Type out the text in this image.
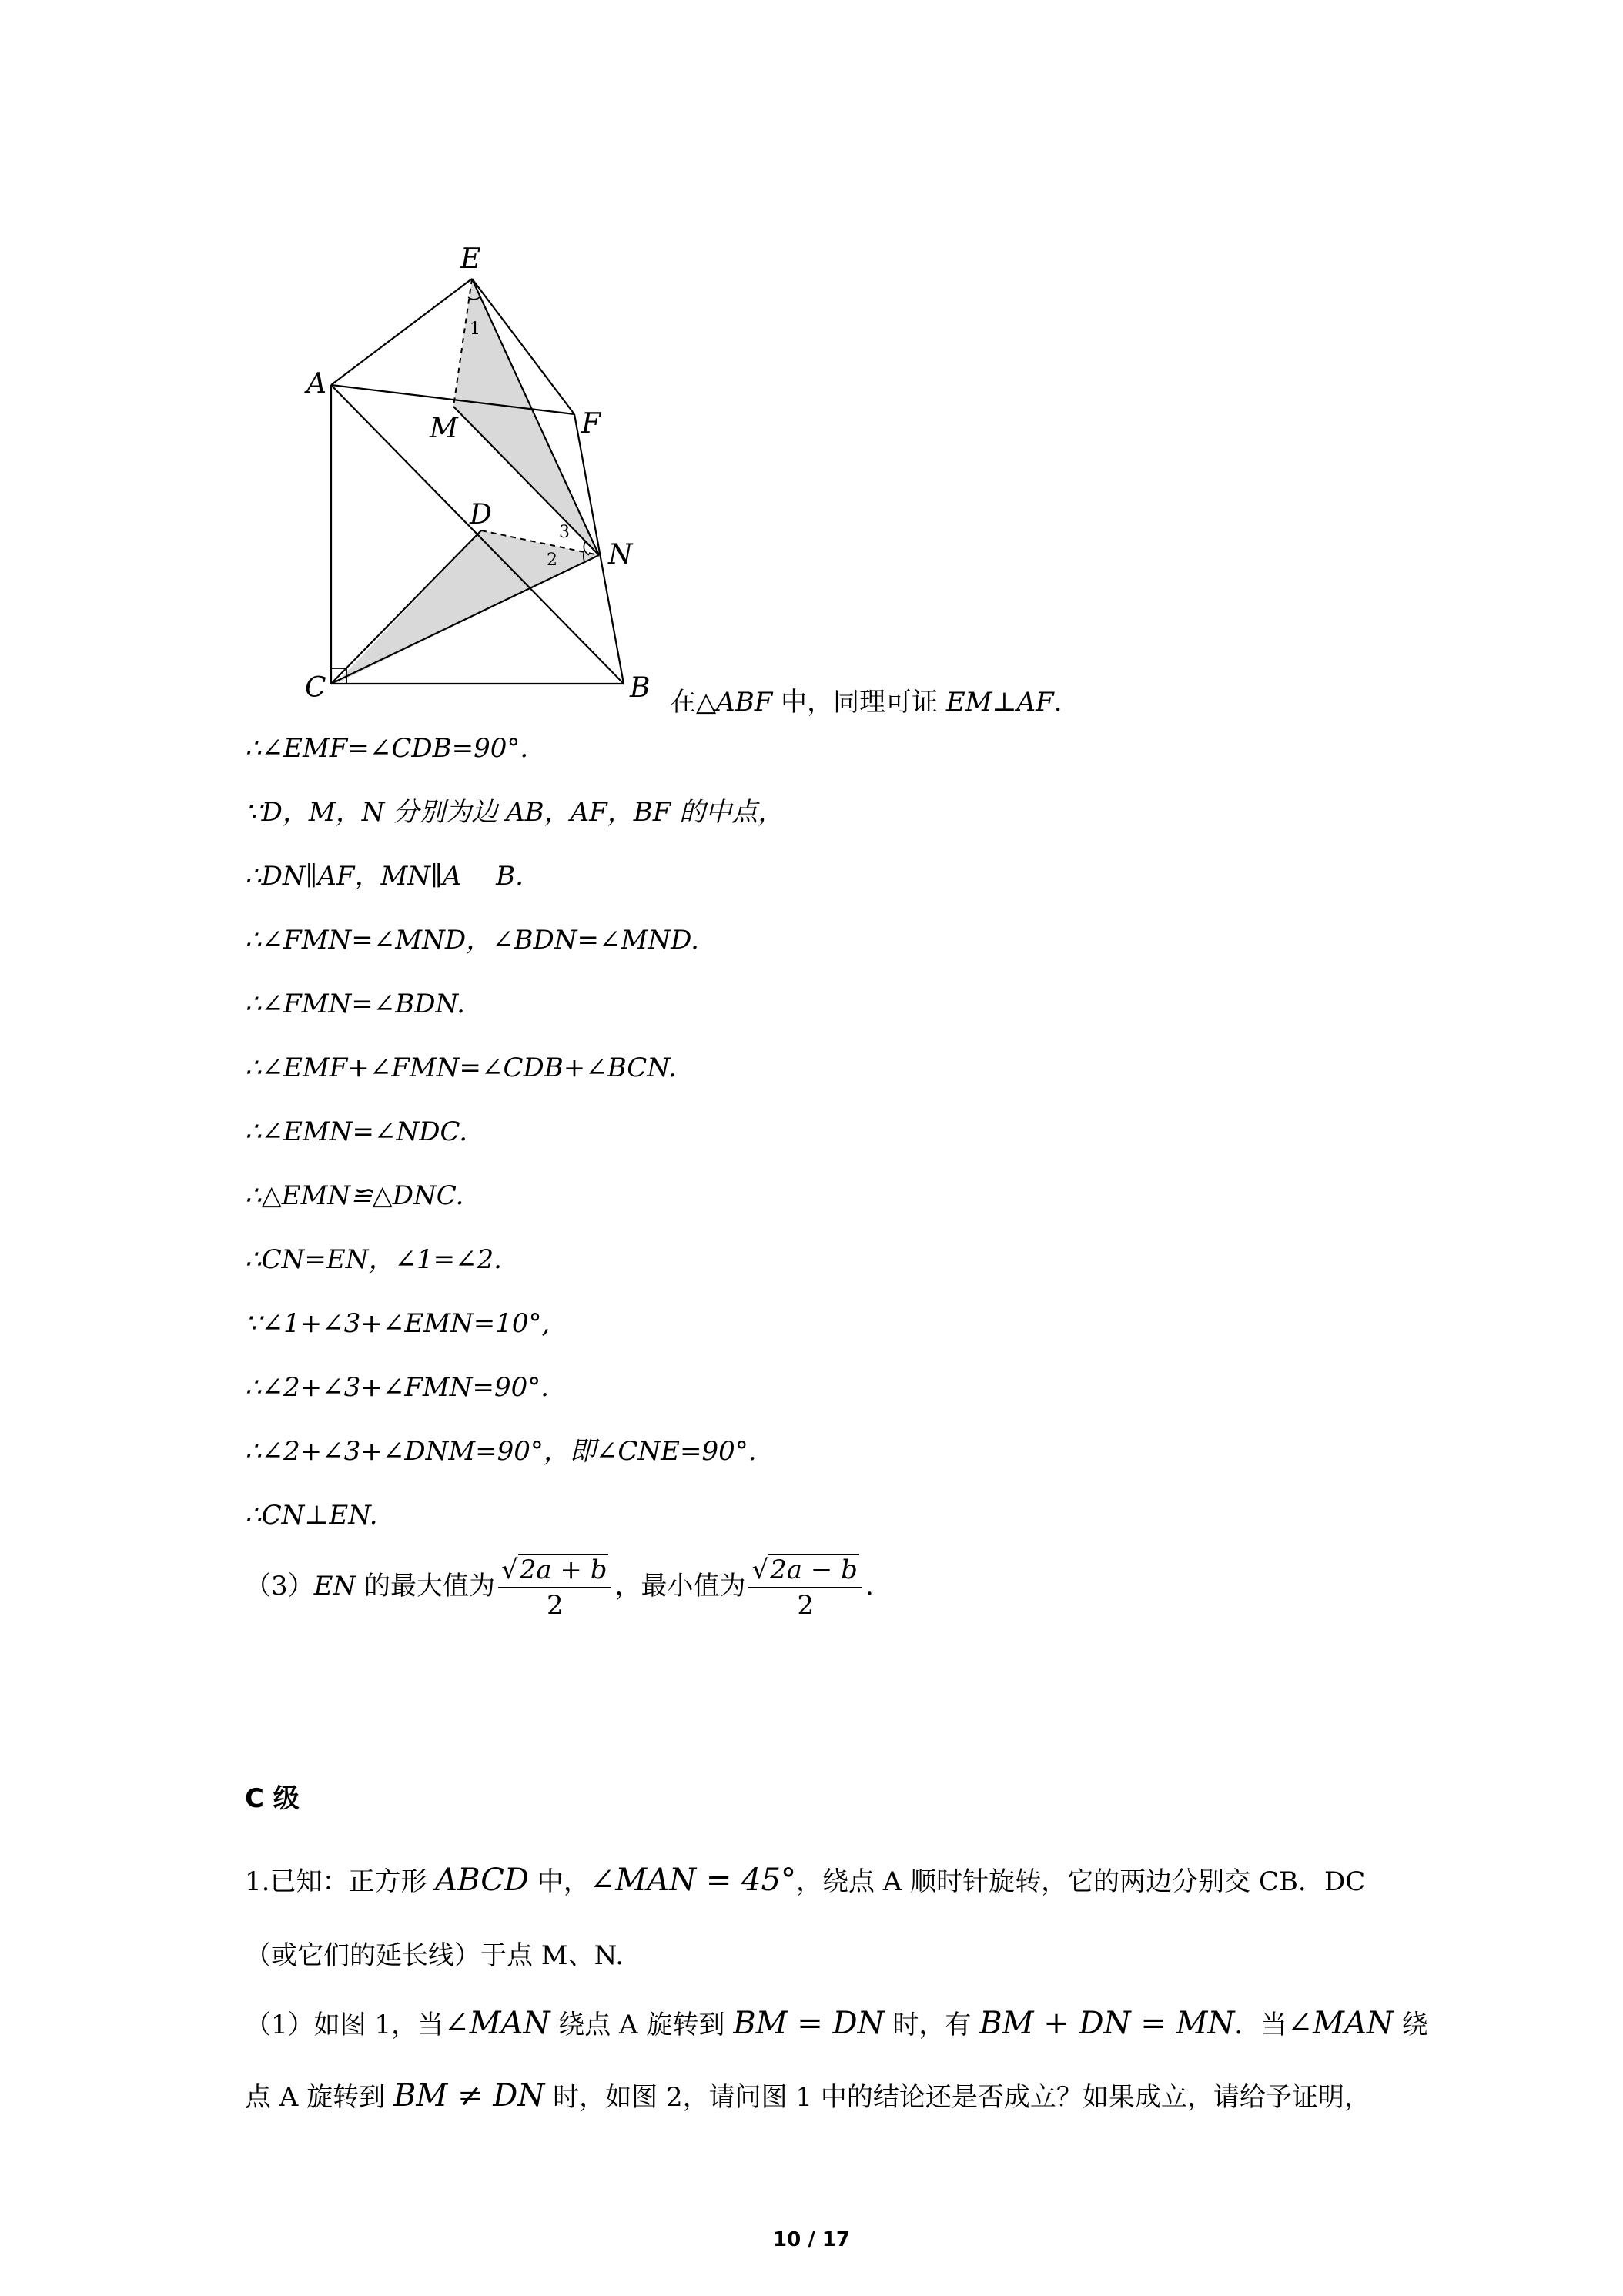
E
A
M	F
D
N
C	B
1
3
2
在△ABF 中，同理可证 EM⊥AF.
∴∠EMF=∠CDB=90°.
∵D，M，N 分别为边 AB，AF，BF 的中点，
∴DN∥AF，MN∥A　 B.
∴∠FMN=∠MND，∠BDN=∠MND.
∴∠FMN=∠BDN.
∴∠EMF+∠FMN=∠CDB+∠BCN.
∴∠EMN=∠NDC.
∴△EMN≌△DNC.
∴CN=EN，∠1=∠2.
∵∠1+∠3+∠EMN=10°,
∴∠2+∠3+∠FMN=90°.
∴∠2+∠3+∠DNM=90°，即∠CNE=90°.
∴CN⊥EN.
（3）EN 的最大值为 $\frac{√2a + b}{2}$ ，最小值为 $\frac{√2a - b}{2}$ .
C 级
1.已知：正方形 ABCD 中，∠MAN = 45°，绕点 A 顺时针旋转，它的两边分别交 CB．DC
（或它们的延长线）于点 M、N.
（1）如图 1，当∠MAN 绕点 A 旋转到 BM = DN 时，有 BM + DN = MN．当∠MAN 绕
点 A 旋转到 BM ≠ DN 时，如图 2，请问图 1 中的结论还是否成立？如果成立，请给予证明，
10 / 17
